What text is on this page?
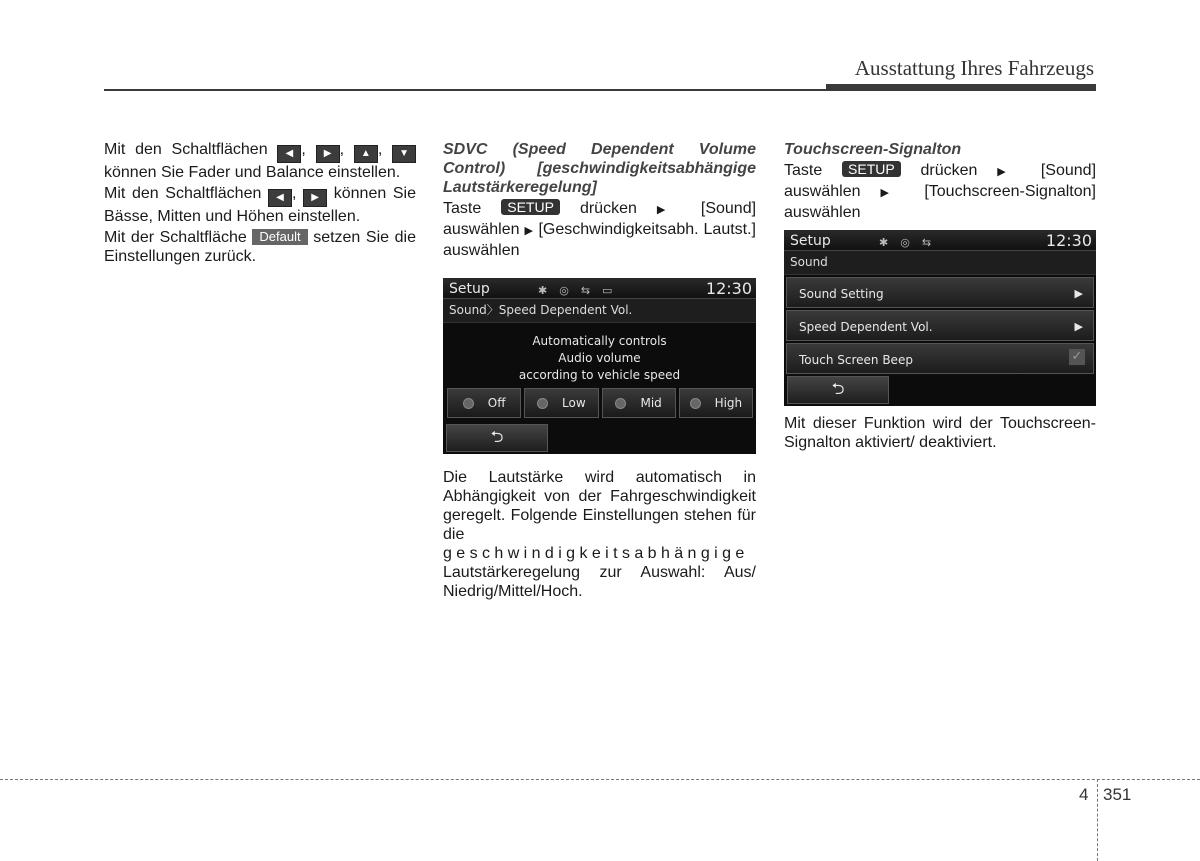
Ausstattung Ihres Fahrzeugs

Mit den Schaltflächen ◀ , ▶ , ▲ , ▼ können Sie Fader und Balance einstellen.

Mit den Schaltflächen ◀ , ▶ können Sie Bässe, Mitten und Höhen einstellen.

Mit der Schaltfläche Default setzen Sie die Einstellungen zurück.

SDVC (Speed Dependent Volume Control) [geschwindigkeitsabhängige Lautstärkeregelung]

Taste SETUP drücken ▶ [Sound] auswählen ▶ [Geschwindigkeitsabh. Lautst.] auswählen

Setup	✱◎⇆▭	12:30
Sound〉Speed Dependent Vol.
Automatically controls
Audio volume
according to vehicle speed
Off	Low	Mid	High
⮌

Die Lautstärke wird automatisch in Abhängigkeit von der Fahrgeschwindigkeit geregelt. Folgende Einstellungen stehen für die geschwindigkeitsabhängige Lautstärkeregelung zur Auswahl: Aus/ Niedrig/Mittel/Hoch.

Touchscreen-Signalton

Taste SETUP drücken ▶ [Sound] auswählen ▶ [Touchscreen-Signalton] auswählen

Setup	✱◎⇆	12:30
Sound
Sound Setting	▶
Speed Dependent Vol.	▶
Touch Screen Beep	✓
⮌

Mit dieser Funktion wird der Touchscreen-Signalton aktiviert/ deaktiviert.

4 351
